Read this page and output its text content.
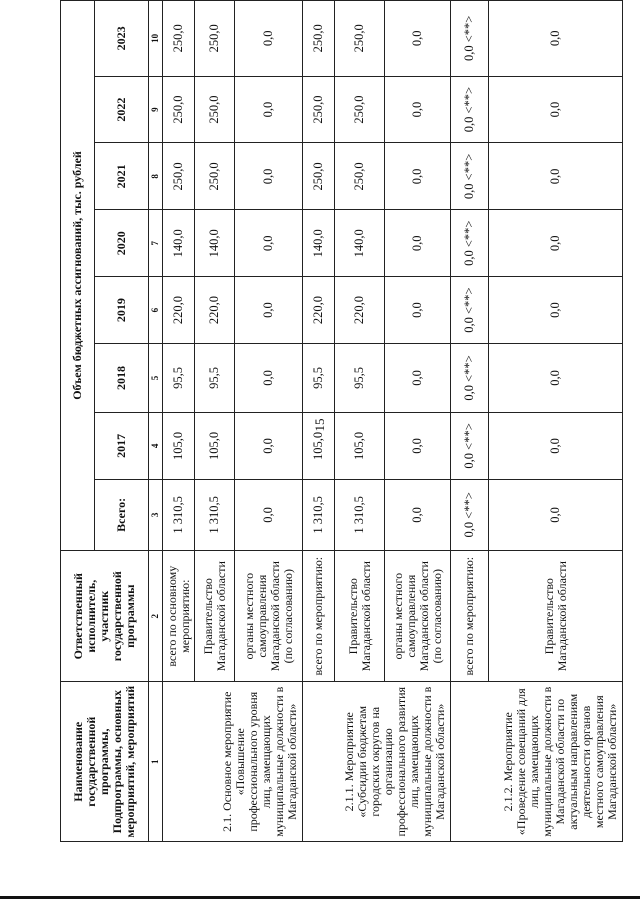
15
Наименование государственной программы, Подпрограммы, основных мероприятий, мероприятий	Ответственный исполнитель, участник государственной программы	Объем бюджетных ассигнований, тыс. рублей							
		Всего:	2017	2018	2019	2020	2021	2022	2023
1	2	3	4	5	6	7	8	9	10
2.1. Основное мероприятие «Повышение профессионального уровня лиц, замещающих муниципальные должности в Магаданской области»	всего по основному мероприятию:	1 310,5	105,0	95,5	220,0	140,0	250,0	250,0	250,0
	Правительство Магаданской области	1 310,5	105,0	95,5	220,0	140,0	250,0	250,0	250,0
	органы местного самоуправления Магаданской области (по согласованию)	0,0	0,0	0,0	0,0	0,0	0,0	0,0	0,0
2.1.1. Мероприятие «Субсидии бюджетам городских округов на организацию профессионального развития лиц, замещающих муниципальные должности в Магаданской области»	всего по мероприятию:	1 310,5	105,0	95,5	220,0	140,0	250,0	250,0	250,0
	Правительство Магаданской области	1 310,5	105,0	95,5	220,0	140,0	250,0	250,0	250,0
	органы местного самоуправления Магаданской области (по согласованию)	0,0	0,0	0,0	0,0	0,0	0,0	0,0	0,0
2.1.2. Мероприятие «Проведение совещаний для лиц, замещающих муниципальные должности в Магаданской области по актуальным направлениям деятельности органов местного самоуправления Магаданской области»	всего по мероприятию:	0,0 <**>	0,0 <**>	0,0 <**>	0,0 <**>	0,0 <**>	0,0 <**>	0,0 <**>	0,0 <**>
	Правительство Магаданской области	0,0	0,0	0,0	0,0	0,0	0,0	0,0	0,0
